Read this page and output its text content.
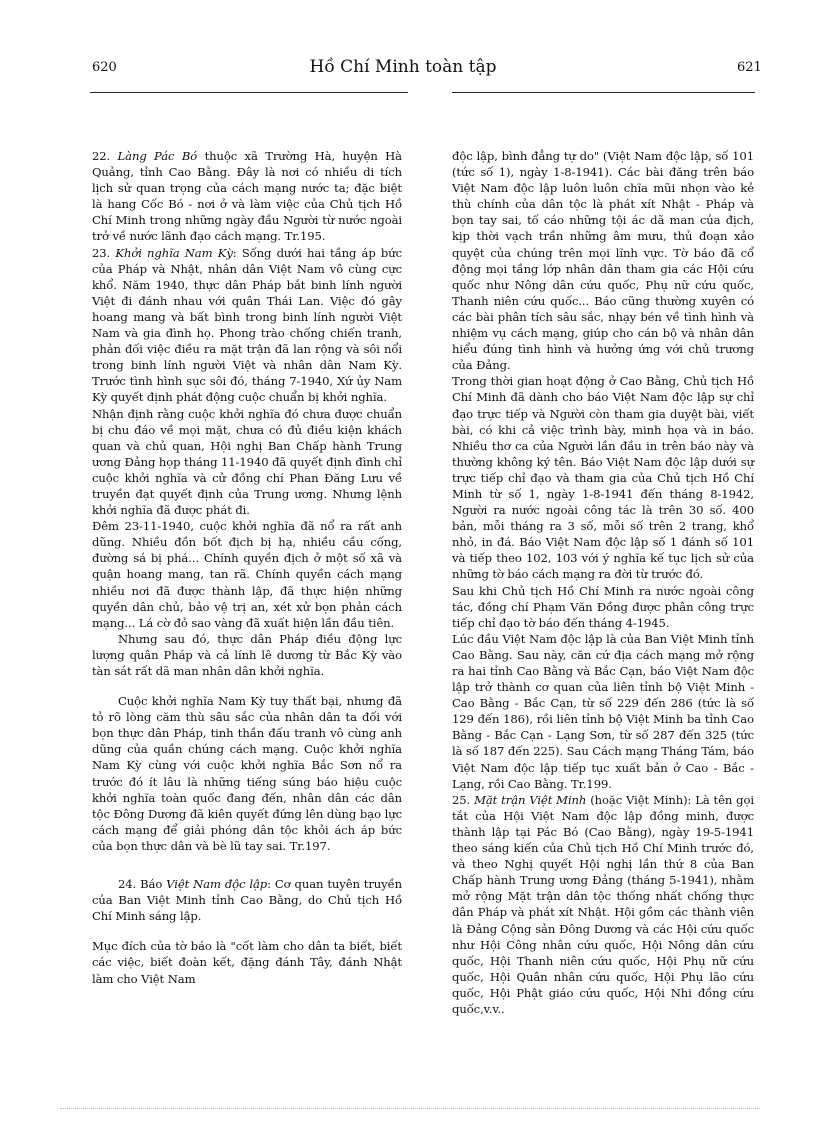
620	Hồ Chí Minh toàn tập	621

22. Làng Pác Bó thuộc xã Trường Hà, huyện Hà Quảng, tỉnh Cao Bằng. Đây là nơi có nhiều di tích lịch sử quan trọng của cách mạng nước ta; đặc biệt là hang Cốc Bó - nơi ở và làm việc của Chủ tịch Hồ Chí Minh trong những ngày đầu Người từ nước ngoài trở về nước lãnh đạo cách mạng. Tr.195.

23. Khởi nghĩa Nam Kỳ: Sống dưới hai tầng áp bức của Pháp và Nhật, nhân dân Việt Nam vô cùng cực khổ. Năm 1940, thực dân Pháp bắt binh lính người Việt đi đánh nhau với quân Thái Lan. Việc đó gây hoang mang và bất bình trong binh lính người Việt Nam và gia đình họ. Phong trào chống chiến tranh, phản đối việc điều ra mặt trận đã lan rộng và sôi nổi trong binh lính người Việt và nhân dân Nam Kỳ. Trước tình hình sục sôi đó, tháng 7-1940, Xứ ủy Nam Kỳ quyết định phát động cuộc chuẩn bị khởi nghĩa.

Nhận định rằng cuộc khởi nghĩa đó chưa được chuẩn bị chu đáo về mọi mặt, chưa có đủ điều kiện khách quan và chủ quan, Hội nghị Ban Chấp hành Trung ương Đảng họp tháng 11-1940 đã quyết định đình chỉ cuộc khởi nghĩa và cử đồng chí Phan Đăng Lưu về truyền đạt quyết định của Trung ương. Nhưng lệnh khởi nghĩa đã được phát đi.

Đêm 23-11-1940, cuộc khởi nghĩa đã nổ ra rất anh dũng. Nhiều đồn bốt địch bị hạ, nhiều cầu cống, đường sá bị phá... Chính quyền địch ở một số xã và quận hoang mang, tan rã. Chính quyền cách mạng nhiều nơi đã được thành lập, đã thực hiện những quyền dân chủ, bảo vệ trị an, xét xử bọn phản cách mạng... Lá cờ đỏ sao vàng đã xuất hiện lần đầu tiên.

Nhưng sau đó, thực dân Pháp điều động lực lượng quân Pháp và cả lính lê dương từ Bắc Kỳ vào tàn sát rất dã man nhân dân khởi nghĩa.

Cuộc khởi nghĩa Nam Kỳ tuy thất bại, nhưng đã tỏ rõ lòng căm thù sâu sắc của nhân dân ta đối với bọn thực dân Pháp, tinh thần đấu tranh vô cùng anh dũng của quần chúng cách mạng. Cuộc khởi nghĩa Nam Kỳ cùng với cuộc khởi nghĩa Bắc Sơn nổ ra trước đó ít lâu là những tiếng súng báo hiệu cuộc khởi nghĩa toàn quốc đang đến, nhân dân các dân tộc Đông Dương đã kiên quyết đứng lên dùng bạo lực cách mạng để giải phóng dân tộc khỏi ách áp bức của bọn thực dân và bè lũ tay sai. Tr.197.

24. Báo Việt Nam độc lập: Cơ quan tuyên truyền của Ban Việt Minh tỉnh Cao Bằng, do Chủ tịch Hồ Chí Minh sáng lập.

Mục đích của tờ báo là "cốt làm cho dân ta biết, biết các việc, biết đoàn kết, đặng đánh Tây, đánh Nhật làm cho Việt Nam

độc lập, bình đẳng tự do" (Việt Nam độc lập, số 101 (tức số 1), ngày 1-8-1941). Các bài đăng trên báo Việt Nam độc lập luôn luôn chĩa mũi nhọn vào kẻ thù chính của dân tộc là phát xít Nhật - Pháp và bọn tay sai, tố cáo những tội ác dã man của địch, kịp thời vạch trần những âm mưu, thủ đoạn xảo quyệt của chúng trên mọi lĩnh vực. Tờ báo đã cổ động mọi tầng lớp nhân dân tham gia các Hội cứu quốc như Nông dân cứu quốc, Phụ nữ cứu quốc, Thanh niên cứu quốc... Báo cũng thường xuyên có các bài phân tích sâu sắc, nhạy bén về tình hình và nhiệm vụ cách mạng, giúp cho cán bộ và nhân dân hiểu đúng tình hình và hưởng ứng với chủ trương của Đảng.

Trong thời gian hoạt động ở Cao Bằng, Chủ tịch Hồ Chí Minh đã dành cho báo Việt Nam độc lập sự chỉ đạo trực tiếp và Người còn tham gia duyệt bài, viết bài, có khi cả việc trình bày, minh họa và in báo. Nhiều thơ ca của Người lần đầu in trên báo này và thường không ký tên. Báo Việt Nam độc lập dưới sự trực tiếp chỉ đạo và tham gia của Chủ tịch Hồ Chí Minh từ số 1, ngày 1-8-1941 đến tháng 8-1942, Người ra nước ngoài công tác là trên 30 số. 400 bản, mỗi tháng ra 3 số, mỗi số trên 2 trang, khổ nhỏ, in đá. Báo Việt Nam độc lập số 1 đánh số 101 và tiếp theo 102, 103 với ý nghĩa kế tục lịch sử của những tờ báo cách mạng ra đời từ trước đó.

Sau khi Chủ tịch Hồ Chí Minh ra nước ngoài công tác, đồng chí Phạm Văn Đồng được phân công trực tiếp chỉ đạo tờ báo đến tháng 4-1945.

Lúc đầu Việt Nam độc lập là của Ban Việt Minh tỉnh Cao Bằng. Sau này, căn cứ địa cách mạng mở rộng ra hai tỉnh Cao Bằng và Bắc Cạn, báo Việt Nam độc lập trở thành cơ quan của liên tỉnh bộ Việt Minh - Cao Bằng - Bắc Cạn, từ số 229 đến 286 (tức là số 129 đến 186), rồi liên tỉnh bộ Việt Minh ba tỉnh Cao Bằng - Bắc Cạn - Lạng Sơn, từ số 287 đến 325 (tức là số 187 đến 225). Sau Cách mạng Tháng Tám, báo Việt Nam độc lập tiếp tục xuất bản ở Cao - Bắc - Lạng, rồi Cao Bằng. Tr.199.

25. Mặt trận Việt Minh (hoặc Việt Minh): Là tên gọi tắt của Hội Việt Nam độc lập đồng minh, được thành lập tại Pác Bó (Cao Bằng), ngày 19-5-1941 theo sáng kiến của Chủ tịch Hồ Chí Minh trước đó, và theo Nghị quyết Hội nghị lần thứ 8 của Ban Chấp hành Trung ương Đảng (tháng 5-1941), nhằm mở rộng Mặt trận dân tộc thống nhất chống thực dân Pháp và phát xít Nhật. Hội gồm các thành viên là Đảng Cộng sản Đông Dương và các Hội cứu quốc như Hội Công nhân cứu quốc, Hội Nông dân cứu quốc, Hội Thanh niên cứu quốc, Hội Phụ nữ cứu quốc, Hội Quân nhân cứu quốc, Hội Phụ lão cứu quốc, Hội Phật giáo cứu quốc, Hội Nhi đồng cứu quốc,v.v..
